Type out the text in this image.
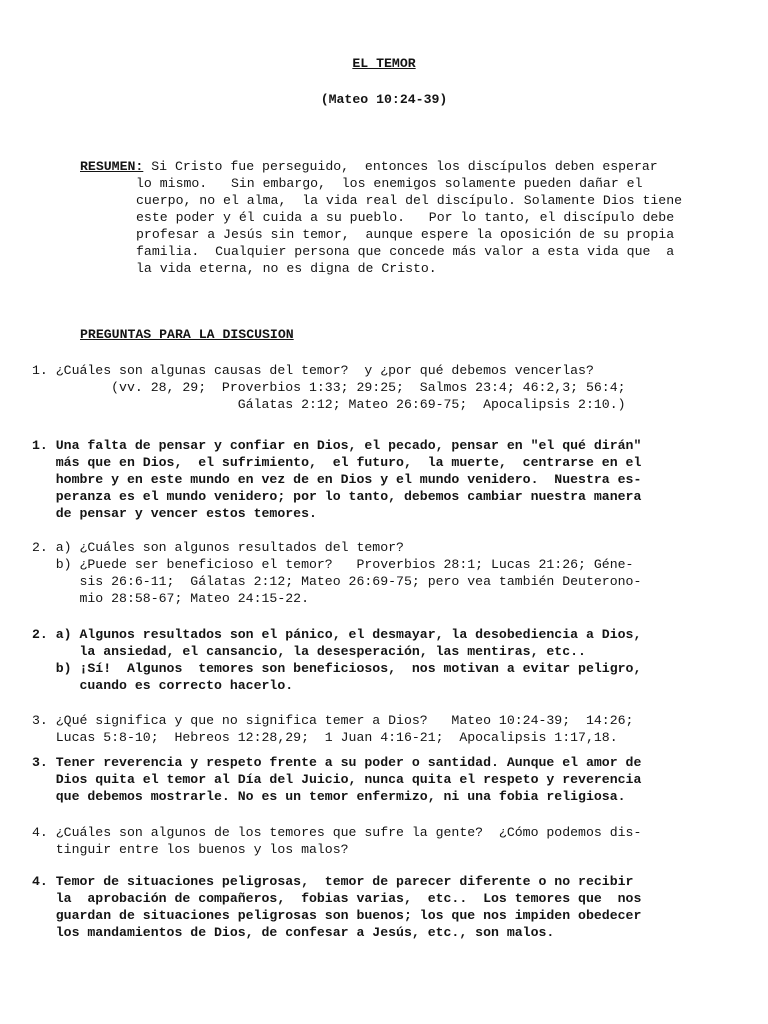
EL TEMOR
(Mateo 10:24-39)

RESUMEN: Si Cristo fue perseguido,  entonces los discípulos deben esperar

lo mismo.   Sin embargo,  los enemigos solamente pueden dañar el

cuerpo, no el alma,  la vida real del discípulo. Solamente Dios tiene

este poder y él cuida a su pueblo.   Por lo tanto, el discípulo debe

profesar a Jesús sin temor,  aunque espere la oposición de su propia

familia.  Cualquier persona que concede más valor a esta vida que  a

la vida eterna, no es digna de Cristo.

PREGUNTAS PARA LA DISCUSION

1. ¿Cuáles son algunas causas del temor?  y ¿por qué debemos vencerlas?

(vv. 28, 29;  Proverbios 1:33; 29:25;  Salmos 23:4; 46:2,3; 56:4;

Gálatas 2:12; Mateo 26:69-75;  Apocalipsis 2:10.)

1. Una falta de pensar y confiar en Dios, el pecado, pensar en "el qué dirán"

más que en Dios,  el sufrimiento,  el futuro,  la muerte,  centrarse en el

hombre y en este mundo en vez de en Dios y el mundo venidero.  Nuestra es-

peranza es el mundo venidero; por lo tanto, debemos cambiar nuestra manera

de pensar y vencer estos temores.

2. a) ¿Cuáles son algunos resultados del temor?

b) ¿Puede ser beneficioso el temor?   Proverbios 28:1; Lucas 21:26; Géne-

sis 26:6-11;  Gálatas 2:12; Mateo 26:69-75; pero vea también Deuterono-

mio 28:58-67; Mateo 24:15-22.

2. a) Algunos resultados son el pánico, el desmayar, la desobediencia a Dios,

la ansiedad, el cansancio, la desesperación, las mentiras, etc..

b) ¡Sí!  Algunos  temores son beneficiosos,  nos motivan a evitar peligro,

cuando es correcto hacerlo.

3. ¿Qué significa y que no significa temer a Dios?   Mateo 10:24-39;  14:26;

Lucas 5:8-10;  Hebreos 12:28,29;  1 Juan 4:16-21;  Apocalipsis 1:17,18.

3. Tener reverencia y respeto frente a su poder o santidad. Aunque el amor de

Dios quita el temor al Día del Juicio, nunca quita el respeto y reverencia

que debemos mostrarle. No es un temor enfermizo, ni una fobia religiosa.

4. ¿Cuáles son algunos de los temores que sufre la gente?  ¿Cómo podemos dis-

tinguir entre los buenos y los malos?

4. Temor de situaciones peligrosas,  temor de parecer diferente o no recibir

la  aprobación de compañeros,  fobias varias,  etc..  Los temores que  nos

guardan de situaciones peligrosas son buenos; los que nos impiden obedecer

los mandamientos de Dios, de confesar a Jesús, etc., son malos.
